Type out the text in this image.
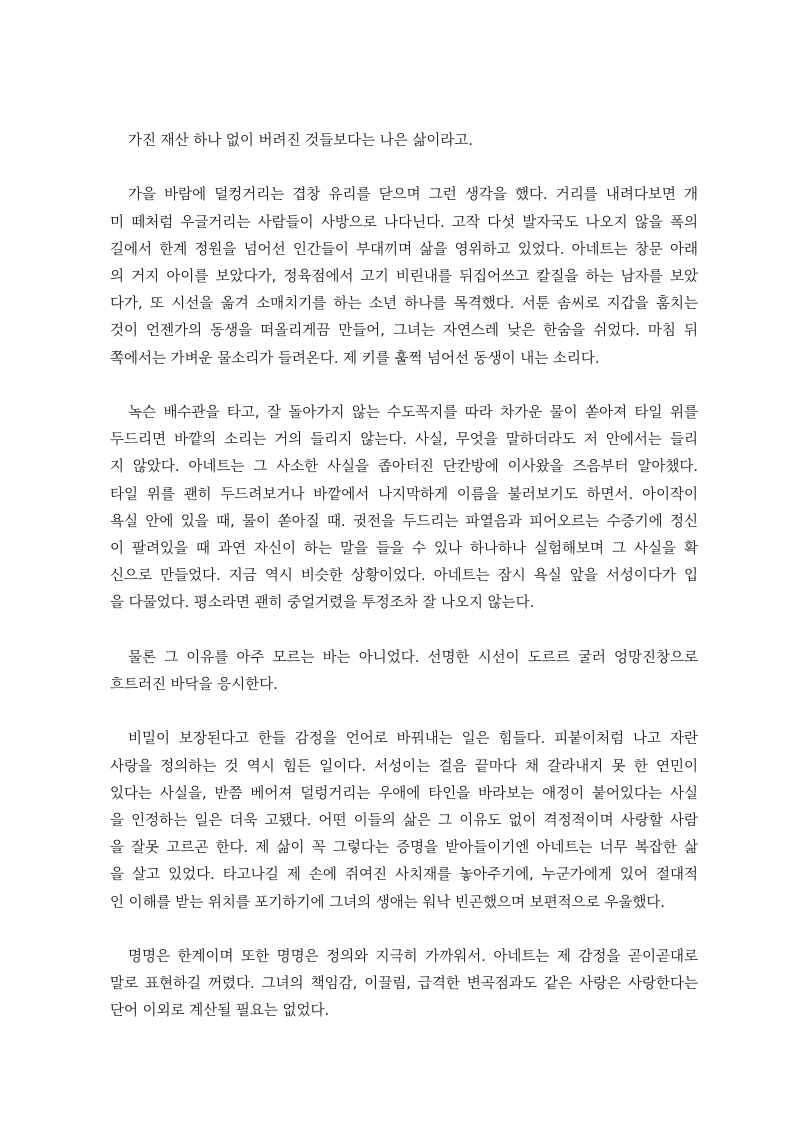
가진 재산 하나 없이 버려진 것들보다는 나은 삶이라고.
가을 바람에 덜컹거리는 겹창 유리를 닫으며 그런 생각을 했다. 거리를 내려다보면 개
미 떼처럼 우글거리는 사람들이 사방으로 나다닌다. 고작 다섯 발자국도 나오지 않을 폭의
길에서 한계 정원을 넘어선 인간들이 부대끼며 삶을 영위하고 있었다. 아네트는 창문 아래
의 거지 아이를 보았다가, 정육점에서 고기 비린내를 뒤집어쓰고 칼질을 하는 남자를 보았
다가, 또 시선을 옮겨 소매치기를 하는 소년 하나를 목격했다. 서툰 솜씨로 지갑을 훔치는
것이 언젠가의 동생을 떠올리게끔 만들어, 그녀는 자연스레 낮은 한숨을 쉬었다. 마침 뒤
쪽에서는 가벼운 물소리가 들려온다. 제 키를 훌쩍 넘어선 동생이 내는 소리다.
녹슨 배수관을 타고, 잘 돌아가지 않는 수도꼭지를 따라 차가운 물이 쏟아져 타일 위를
두드리면 바깥의 소리는 거의 들리지 않는다. 사실, 무엇을 말하더라도 저 안에서는 들리
지 않았다. 아네트는 그 사소한 사실을 좁아터진 단칸방에 이사왔을 즈음부터 알아챘다.
타일 위를 괜히 두드려보거나 바깥에서 나지막하게 이름을 불러보기도 하면서. 아이작이
욕실 안에 있을 때, 물이 쏟아질 때. 귓전을 두드리는 파열음과 피어오르는 수증기에 정신
이 팔려있을 때 과연 자신이 하는 말을 들을 수 있나 하나하나 실험해보며 그 사실을 확
신으로 만들었다. 지금 역시 비슷한 상황이었다. 아네트는 잠시 욕실 앞을 서성이다가 입
을 다물었다. 평소라면 괜히 중얼거렸을 투정조차 잘 나오지 않는다.
물론 그 이유를 아주 모르는 바는 아니었다. 선명한 시선이 도르르 굴러 엉망진창으로
흐트러진 바닥을 응시한다.
비밀이 보장된다고 한들 감정을 언어로 바꿔내는 일은 힘들다. 피붙이처럼 나고 자란
사랑을 정의하는 것 역시 힘든 일이다. 서성이는 걸음 끝마다 채 갈라내지 못 한 연민이
있다는 사실을, 반쯤 베어져 덜렁거리는 우애에 타인을 바라보는 애정이 붙어있다는 사실
을 인정하는 일은 더욱 고됐다. 어떤 이들의 삶은 그 이유도 없이 격정적이며 사랑할 사람
을 잘못 고르곤 한다. 제 삶이 꼭 그렇다는 증명을 받아들이기엔 아네트는 너무 복잡한 삶
을 살고 있었다. 타고나길 제 손에 쥐여진 사치재를 놓아주기에, 누군가에게 있어 절대적
인 이해를 받는 위치를 포기하기에 그녀의 생애는 워낙 빈곤했으며 보편적으로 우울했다.
명명은 한계이며 또한 명명은 정의와 지극히 가까워서. 아네트는 제 감정을 곧이곧대로
말로 표현하길 꺼렸다. 그녀의 책임감, 이끌림, 급격한 변곡점과도 같은 사랑은 사랑한다는
단어 이외로 계산될 필요는 없었다.
